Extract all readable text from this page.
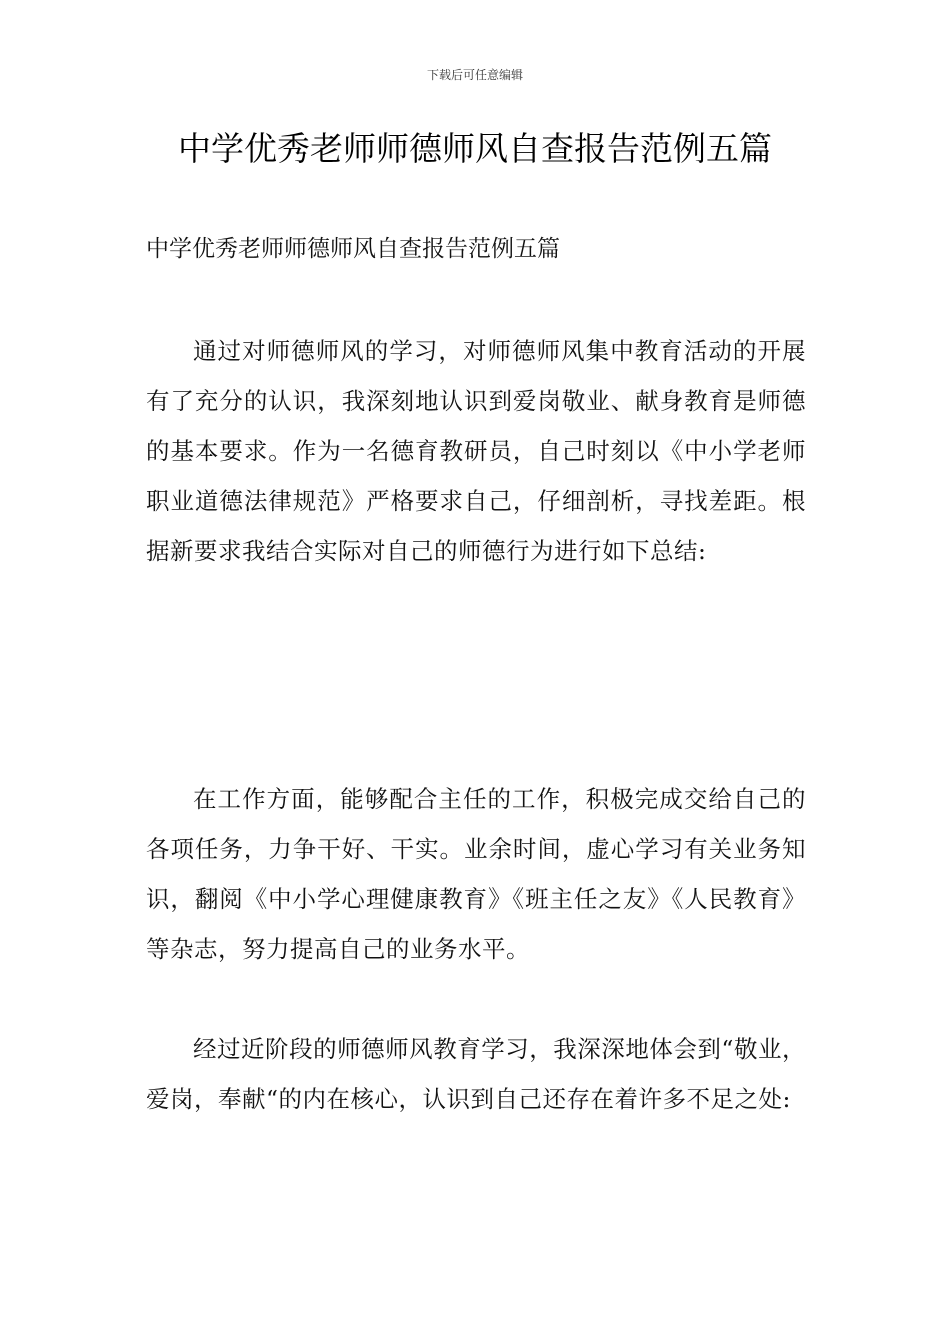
下载后可任意编辑
中学优秀老师师德师风自查报告范例五篇

中学优秀老师师德师风自查报告范例五篇

通过对师德师风的学习，对师德师风集中教育活动的开展有了充分的认识，我深刻地认识到爱岗敬业、献身教育是师德的基本要求。作为一名德育教研员，自己时刻以《中小学老师职业道德法律规范》严格要求自己，仔细剖析，寻找差距。根据新要求我结合实际对自己的师德行为进行如下总结:

在工作方面，能够配合主任的工作，积极完成交给自己的各项任务，力争干好、干实。业余时间，虚心学习有关业务知识，翻阅《中小学心理健康教育》《班主任之友》《人民教育》等杂志，努力提高自己的业务水平。

经过近阶段的师德师风教育学习，我深深地体会到“敬业，爱岗，奉献“的内在核心，认识到自己还存在着许多不足之处:
